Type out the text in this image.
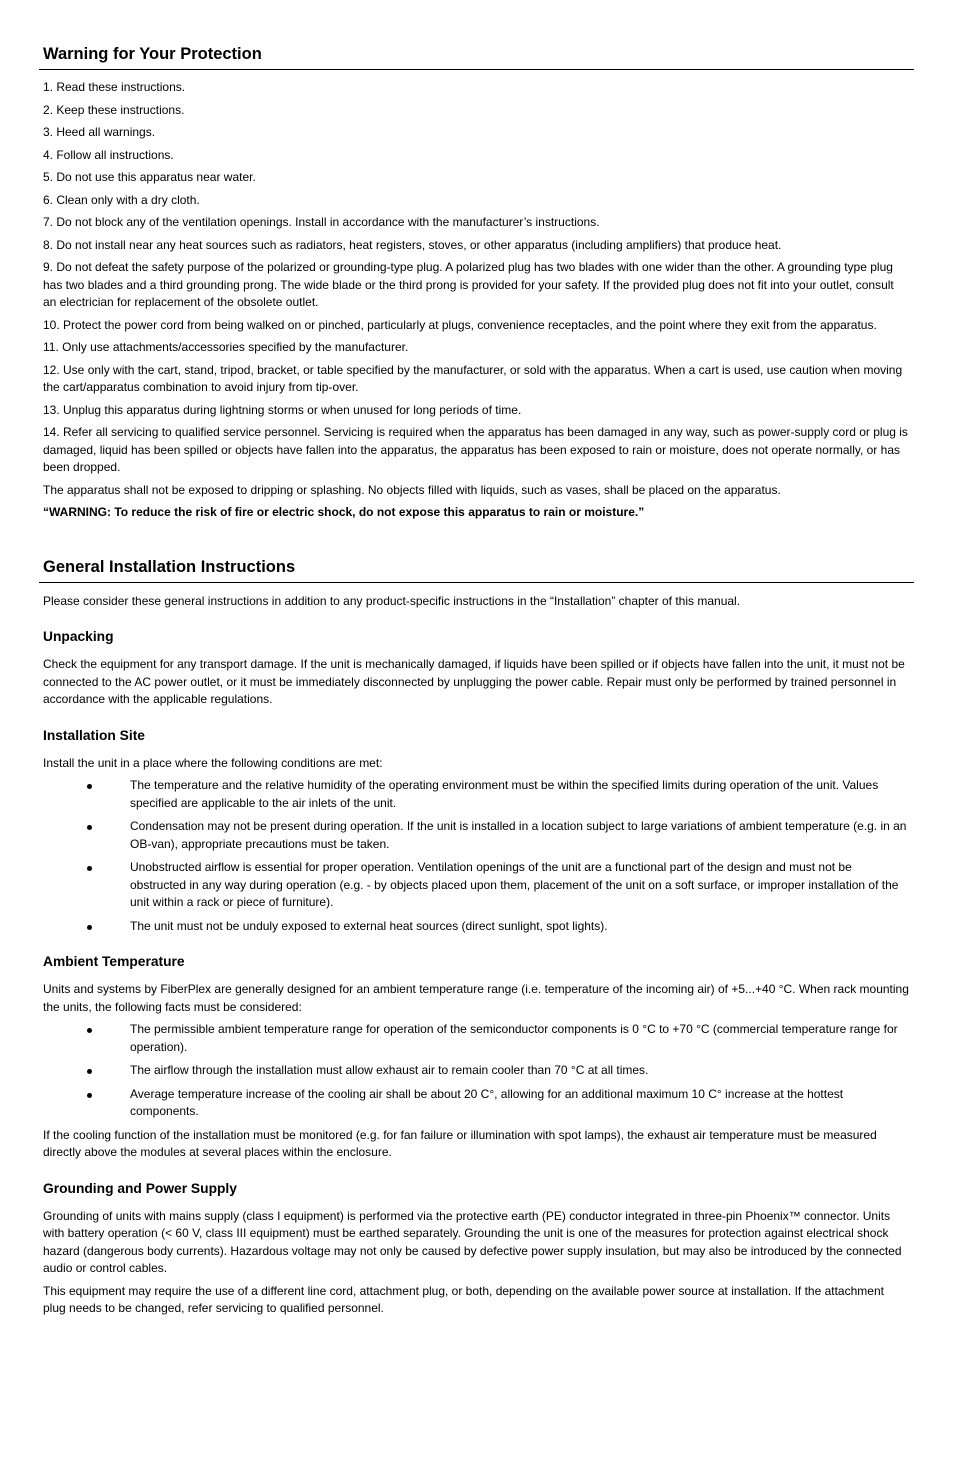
Warning for Your Protection
1. Read these instructions.
2. Keep these instructions.
3. Heed all warnings.
4. Follow all instructions.
5. Do not use this apparatus near water.
6. Clean only with a dry cloth.
7. Do not block any of the ventilation openings. Install in accordance with the manufacturer’s instructions.
8. Do not install near any heat sources such as radiators, heat registers, stoves, or other apparatus (including amplifiers) that produce heat.
9. Do not defeat the safety purpose of the polarized or grounding-type plug. A polarized plug has two blades with one wider than the other. A grounding type plug has two blades and a third grounding prong. The wide blade or the third prong is provided for your safety. If the provided plug does not fit into your outlet, consult an electrician for replacement of the obsolete outlet.
10. Protect the power cord from being walked on or pinched, particularly at plugs, convenience receptacles, and the point where they exit from the apparatus.
11. Only use attachments/accessories specified by the manufacturer.
12. Use only with the cart, stand, tripod, bracket, or table specified by the manufacturer, or sold with the apparatus. When a cart is used, use caution when moving the cart/apparatus combination to avoid injury from tip-over.
13. Unplug this apparatus during lightning storms or when unused for long periods of time.
14. Refer all servicing to qualified service personnel. Servicing is required when the apparatus has been damaged in any way, such as power-supply cord or plug is damaged, liquid has been spilled or objects have fallen into the apparatus, the apparatus has been exposed to rain or moisture, does not operate normally, or has been dropped.

The apparatus shall not be exposed to dripping or splashing. No objects filled with liquids, such as vases, shall be placed on the apparatus.

“WARNING: To reduce the risk of fire or electric shock, do not expose this apparatus to rain or moisture.”

General Installation Instructions

Please consider these general instructions in addition to any product-specific instructions in the “Installation” chapter of this manual.

Unpacking

Check the equipment for any transport damage. If the unit is mechanically damaged, if liquids have been spilled or if objects have fallen into the unit, it must not be connected to the AC power outlet, or it must be immediately disconnected by unplugging the power cable. Repair must only be performed by trained personnel in accordance with the applicable regulations.

Installation Site

Install the unit in a place where the following conditions are met:

The temperature and the relative humidity of the operating environment must be within the specified limits during operation of the unit. Values specified are applicable to the air inlets of the unit.
Condensation may not be present during operation. If the unit is installed in a location subject to large variations of ambient temperature (e.g. in an OB-van), appropriate precautions must be taken.
Unobstructed airflow is essential for proper operation. Ventilation openings of the unit are a functional part of the design and must not be obstructed in any way during operation (e.g. - by objects placed upon them, placement of the unit on a soft surface, or improper installation of the unit within a rack or piece of furniture).
The unit must not be unduly exposed to external heat sources (direct sunlight, spot lights).
Ambient Temperature

Units and systems by FiberPlex are generally designed for an ambient temperature range (i.e. temperature of the incoming air) of +5...+40 °C. When rack mounting the units, the following facts must be considered:

The permissible ambient temperature range for operation of the semiconductor components is 0 °C to +70 °C (commercial temperature range for operation).
The airflow through the installation must allow exhaust air to remain cooler than 70 °C at all times.
Average temperature increase of the cooling air shall be about 20 C°, allowing for an additional maximum 10 C° increase at the hottest components.

If the cooling function of the installation must be monitored (e.g. for fan failure or illumination with spot lamps), the exhaust air temperature must be measured directly above the modules at several places within the enclosure.

Grounding and Power Supply

Grounding of units with mains supply (class I equipment) is performed via the protective earth (PE) conductor integrated in three-pin Phoenix™ connector. Units with battery operation (< 60 V, class III equipment) must be earthed separately. Grounding the unit is one of the measures for protection against electrical shock hazard (dangerous body currents). Hazardous voltage may not only be caused by defective power supply insulation, but may also be introduced by the connected audio or control cables.

This equipment may require the use of a different line cord, attachment plug, or both, depending on the available power source at installation. If the attachment plug needs to be changed, refer servicing to qualified personnel.
